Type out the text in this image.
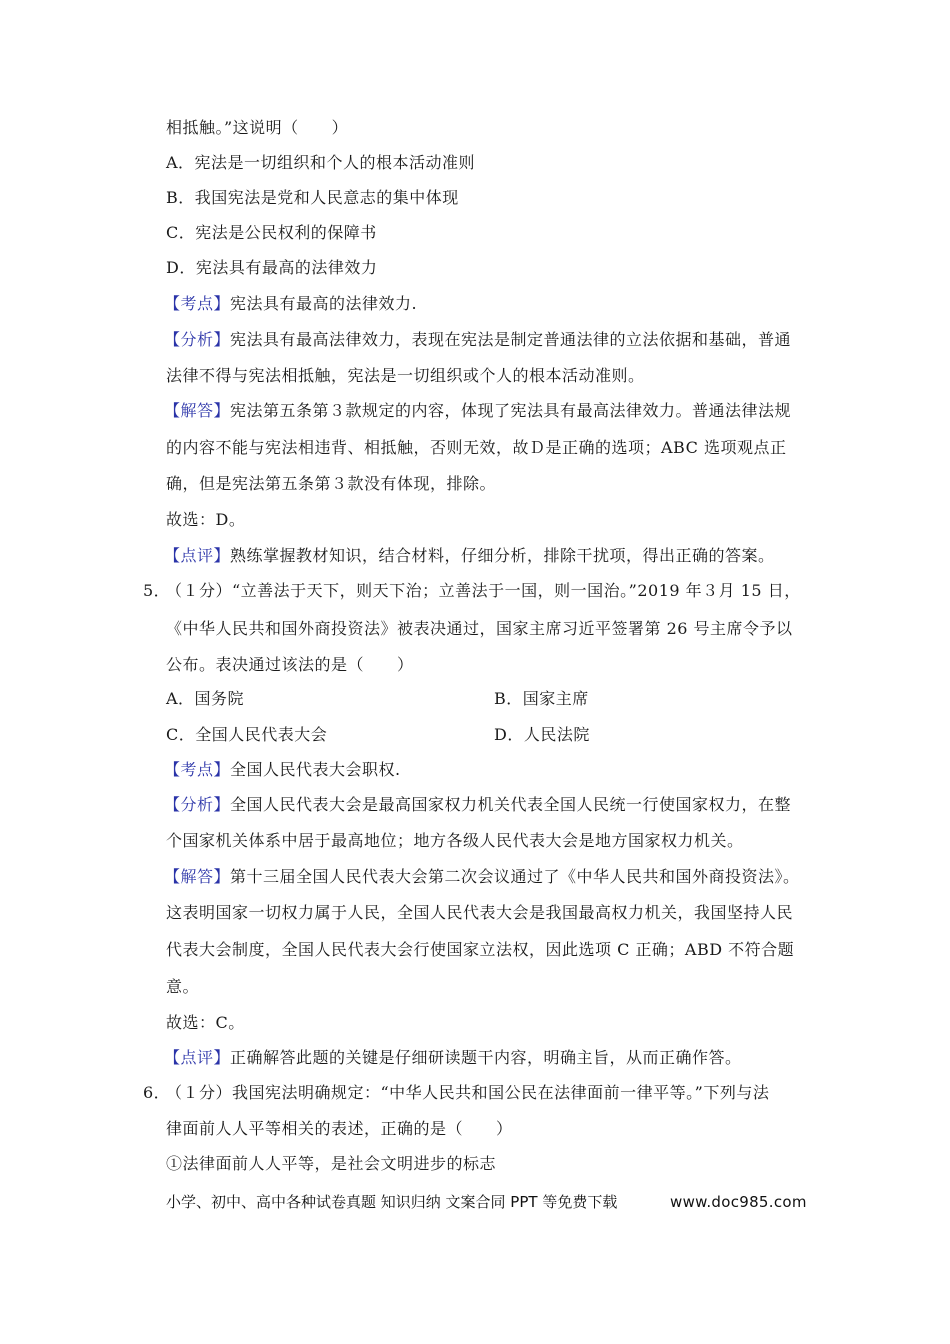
相抵触。”这说明（　　）
A．宪法是一切组织和个人的根本活动准则
B．我国宪法是党和人民意志的集中体现
C．宪法是公民权利的保障书
D．宪法具有最高的法律效力
【考点】宪法具有最高的法律效力.
【分析】宪法具有最高法律效力，表现在宪法是制定普通法律的立法依据和基础，普通
法律不得与宪法相抵触，宪法是一切组织或个人的根本活动准则。
【解答】宪法第五条第３款规定的内容，体现了宪法具有最高法律效力。普通法律法规
的内容不能与宪法相违背、相抵触，否则无效，故Ｄ是正确的选项；ABC 选项观点正
确，但是宪法第五条第３款没有体现，排除。
故选：D。
【点评】熟练掌握教材知识，结合材料，仔细分析，排除干扰项，得出正确的答案。
5．
（１分）“立善法于天下，则天下治；立善法于一国，则一国治。”2019 年３月 15 日，
《中华人民共和国外商投资法》被表决通过，国家主席习近平签署第 26 号主席令予以
公布。表决通过该法的是（　　）
A．国务院	B．国家主席
C．全国人民代表大会	D．人民法院
【考点】全国人民代表大会职权.
【分析】全国人民代表大会是最高国家权力机关代表全国人民统一行使国家权力，在整
个国家机关体系中居于最高地位；地方各级人民代表大会是地方国家权力机关。
【解答】第十三届全国人民代表大会第二次会议通过了《中华人民共和国外商投资法》。
这表明国家一切权力属于人民，全国人民代表大会是我国最高权力机关，我国坚持人民
代表大会制度，全国人民代表大会行使国家立法权，因此选项 C 正确；ABD 不符合题
意。
故选：C。
【点评】正确解答此题的关键是仔细研读题干内容，明确主旨，从而正确作答。
6．
（１分）我国宪法明确规定：“中华人民共和国公民在法律面前一律平等。”下列与法
律面前人人平等相关的表述，正确的是（　　）
①法律面前人人平等，是社会文明进步的标志
小学、初中、高中各种试卷真题 知识归纳 文案合同 PPT 等免费下载	www.doc985.com
